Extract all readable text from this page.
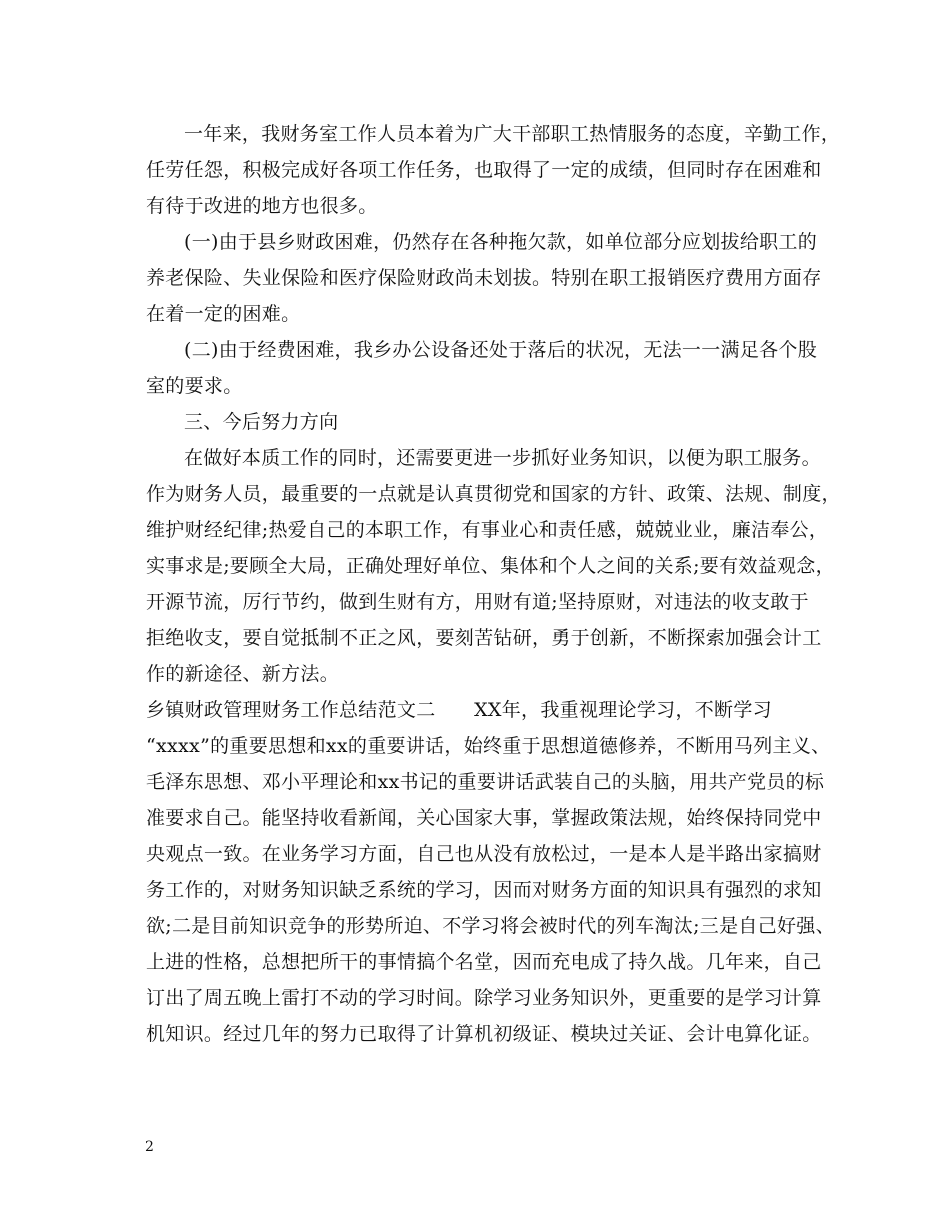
一年来，我财务室工作人员本着为广大干部职工热情服务的态度，辛勤工作，
任劳任怨，积极完成好各项工作任务，也取得了一定的成绩，但同时存在困难和
有待于改进的地方也很多。
(一)由于县乡财政困难，仍然存在各种拖欠款，如单位部分应划拔给职工的
养老保险、失业保险和医疗保险财政尚未划拔。特别在职工报销医疗费用方面存
在着一定的困难。
(二)由于经费困难，我乡办公设备还处于落后的状况，无法一一满足各个股
室的要求。
三、今后努力方向
在做好本质工作的同时，还需要更进一步抓好业务知识，以便为职工服务。
作为财务人员，最重要的一点就是认真贯彻党和国家的方针、政策、法规、制度，
维护财经纪律;热爱自己的本职工作，有事业心和责任感，兢兢业业，廉洁奉公，
实事求是;要顾全大局，正确处理好单位、集体和个人之间的关系;要有效益观念，
开源节流，厉行节约，做到生财有方，用财有道;坚持原财，对违法的收支敢于
拒绝收支，要自觉抵制不正之风，要刻苦钻研，勇于创新，不断探索加强会计工
作的新途径、新方法。
乡镇财政管理财务工作总结范文二　　XX年，我重视理论学习，不断学习
“xxxx”的重要思想和xx的重要讲话，始终重于思想道德修养，不断用马列主义、
毛泽东思想、邓小平理论和xx书记的重要讲话武装自己的头脑，用共产党员的标
准要求自己。能坚持收看新闻，关心国家大事，掌握政策法规，始终保持同党中
央观点一致。在业务学习方面，自己也从没有放松过，一是本人是半路出家搞财
务工作的，对财务知识缺乏系统的学习，因而对财务方面的知识具有强烈的求知
欲;二是目前知识竞争的形势所迫、不学习将会被时代的列车淘汰;三是自己好强、
上进的性格，总想把所干的事情搞个名堂，因而充电成了持久战。几年来，自己
订出了周五晚上雷打不动的学习时间。除学习业务知识外，更重要的是学习计算
机知识。经过几年的努力已取得了计算机初级证、模块过关证、会计电算化证。
2
